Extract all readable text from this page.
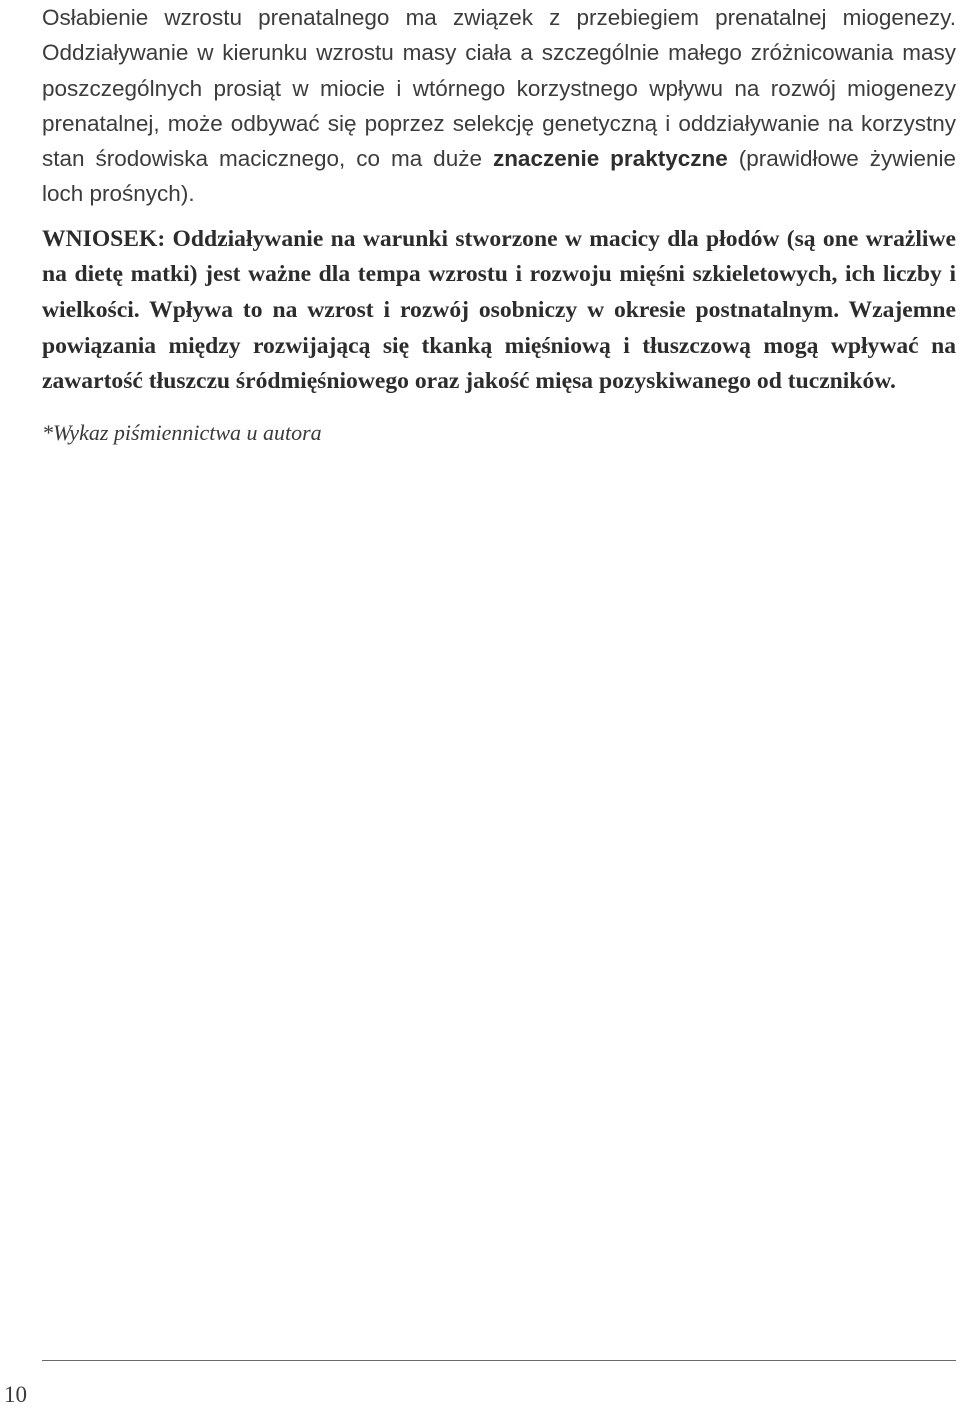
Osłabienie wzrostu prenatalnego ma związek z przebiegiem prenatalnej miogenezy. Oddziaływanie w kierunku wzrostu masy ciała a szczególnie małego zróżnicowania masy poszczególnych prosiąt w miocie i wtórnego korzystnego wpływu na rozwój miogenezy prenatalnej, może odbywać się poprzez selekcję genetyczną i oddziaływanie na korzystny stan środowiska macicznego, co ma duże znaczenie praktyczne (prawidłowe żywienie loch prośnych).

WNIOSEK: Oddziaływanie na warunki stworzone w macicy dla płodów (są one wrażliwe na dietę matki) jest ważne dla tempa wzrostu i rozwoju mięśni szkieletowych, ich liczby i wielkości. Wpływa to na wzrost i rozwój osobniczy w okresie postnatalnym. Wzajemne powiązania między rozwijającą się tkanką mięśniową i tłuszczową mogą wpływać na zawartość tłuszczu śródmięśniowego oraz jakość mięsa pozyskiwanego od tuczników.

*Wykaz piśmiennictwa u autora

10
